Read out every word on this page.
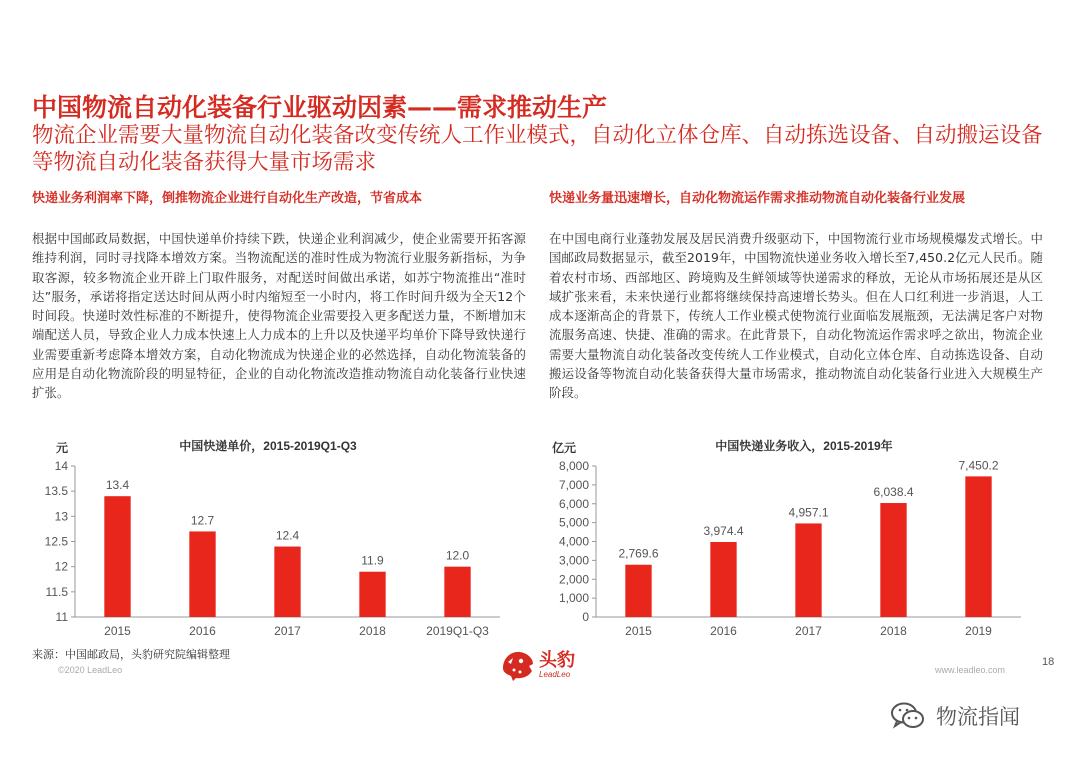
中国物流自动化装备行业驱动因素——需求推动生产

物流企业需要大量物流自动化装备改变传统人工作业模式，自动化立体仓库、自动拣选设备、自动搬运设备等物流自动化装备获得大量市场需求

快递业务利润率下降，倒推物流企业进行自动化生产改造，节省成本
根据中国邮政局数据，中国快递单价持续下跌，快递企业利润减少，使企业需要开拓客源维持利润，同时寻找降本增效方案。当物流配送的准时性成为物流行业服务新指标，为争取客源，较多物流企业开辟上门取件服务，对配送时间做出承诺，如苏宁物流推出“准时达”服务，承诺将指定送达时间从两小时内缩短至一小时内，将工作时间升级为全天12个时间段。快递时效性标准的不断提升，使得物流企业需要投入更多配送力量，不断增加末端配送人员，导致企业人力成本快速上人力成本的上升以及快递平均单价下降导致快递行业需要重新考虑降本增效方案，自动化物流成为快递企业的必然选择，自动化物流装备的应用是自动化物流阶段的明显特征，企业的自动化物流改造推动物流自动化装备行业快速扩张。
快递业务量迅速增长，自动化物流运作需求推动物流自动化装备行业发展
在中国电商行业蓬勃发展及居民消费升级驱动下，中国物流行业市场规模爆发式增长。中国邮政局数据显示，截至2019年，中国物流快递业务收入增长至7,450.2亿元人民币。随着农村市场、西部地区、跨境购及生鲜领域等快递需求的释放，无论从市场拓展还是从区域扩张来看，未来快递行业都将继续保持高速增长势头。但在人口红利进一步消退，人工成本逐渐高企的背景下，传统人工作业模式使物流行业面临发展瓶颈，无法满足客户对物流服务高速、快捷、准确的需求。在此背景下，自动化物流运作需求呼之欲出，物流企业需要大量物流自动化装备改变传统人工作业模式，自动化立体仓库、自动拣选设备、自动搬运设备等物流自动化装备获得大量市场需求，推动物流自动化装备行业进入大规模生产阶段。
中国快递单价，2015-2019Q1-Q3
元
11
11.5
12
12.5
13
13.5
14
13.4
2015
12.7
2016
12.4
2017
11.9
2018
12.0
2019Q1-Q3
中国快递业务收入，2015-2019年
亿元
0
1,000
2,000
3,000
4,000
5,000
6,000
7,000
8,000
2,769.6
2015
3,974.4
2016
4,957.1
2017
6,038.4
2018
7,450.2
2019
来源：中国邮政局，头豹研究院编辑整理
©2020 LeadLeo	头豹
LeadLeo	www.leadleo.com
18
物流指闻
